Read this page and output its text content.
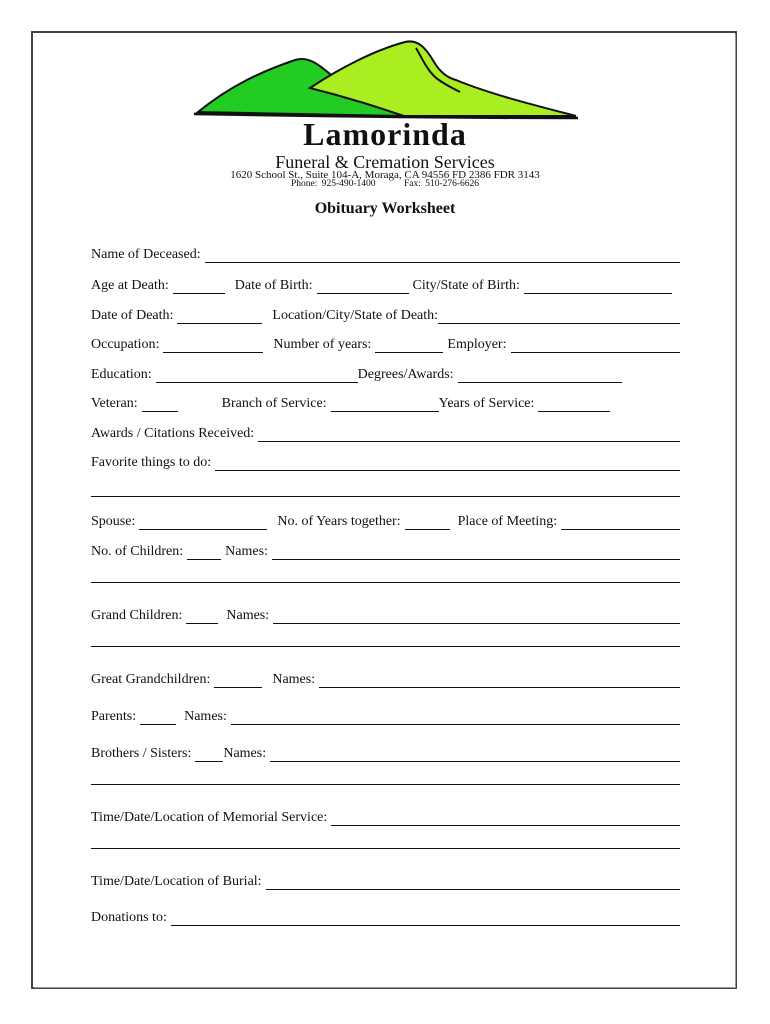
Lamorinda
Funeral & Cremation Services
1620 School St., Suite 104-A, Moraga, CA 94556 FD 2386 FDR 3143
Phone: 925-490-1400	Fax: 510-276-6626
Obituary Worksheet
Name of Deceased:
Age at Death:	Date of Birth:	City/State of Birth:
Date of Death:	Location/City/State of Death:
Occupation:	Number of years:	Employer:
Education:	Degrees/Awards:
Veteran:	Branch of Service:	Years of Service:
Awards / Citations Received:
Favorite things to do:
Spouse:	No. of Years together:	Place of Meeting:
No. of Children:	Names:
Grand Children:	Names:
Great Grandchildren:	Names:
Parents:	Names:
Brothers / Sisters: Names:
Time/Date/Location of Memorial Service:
Time/Date/Location of Burial:
Donations to:
